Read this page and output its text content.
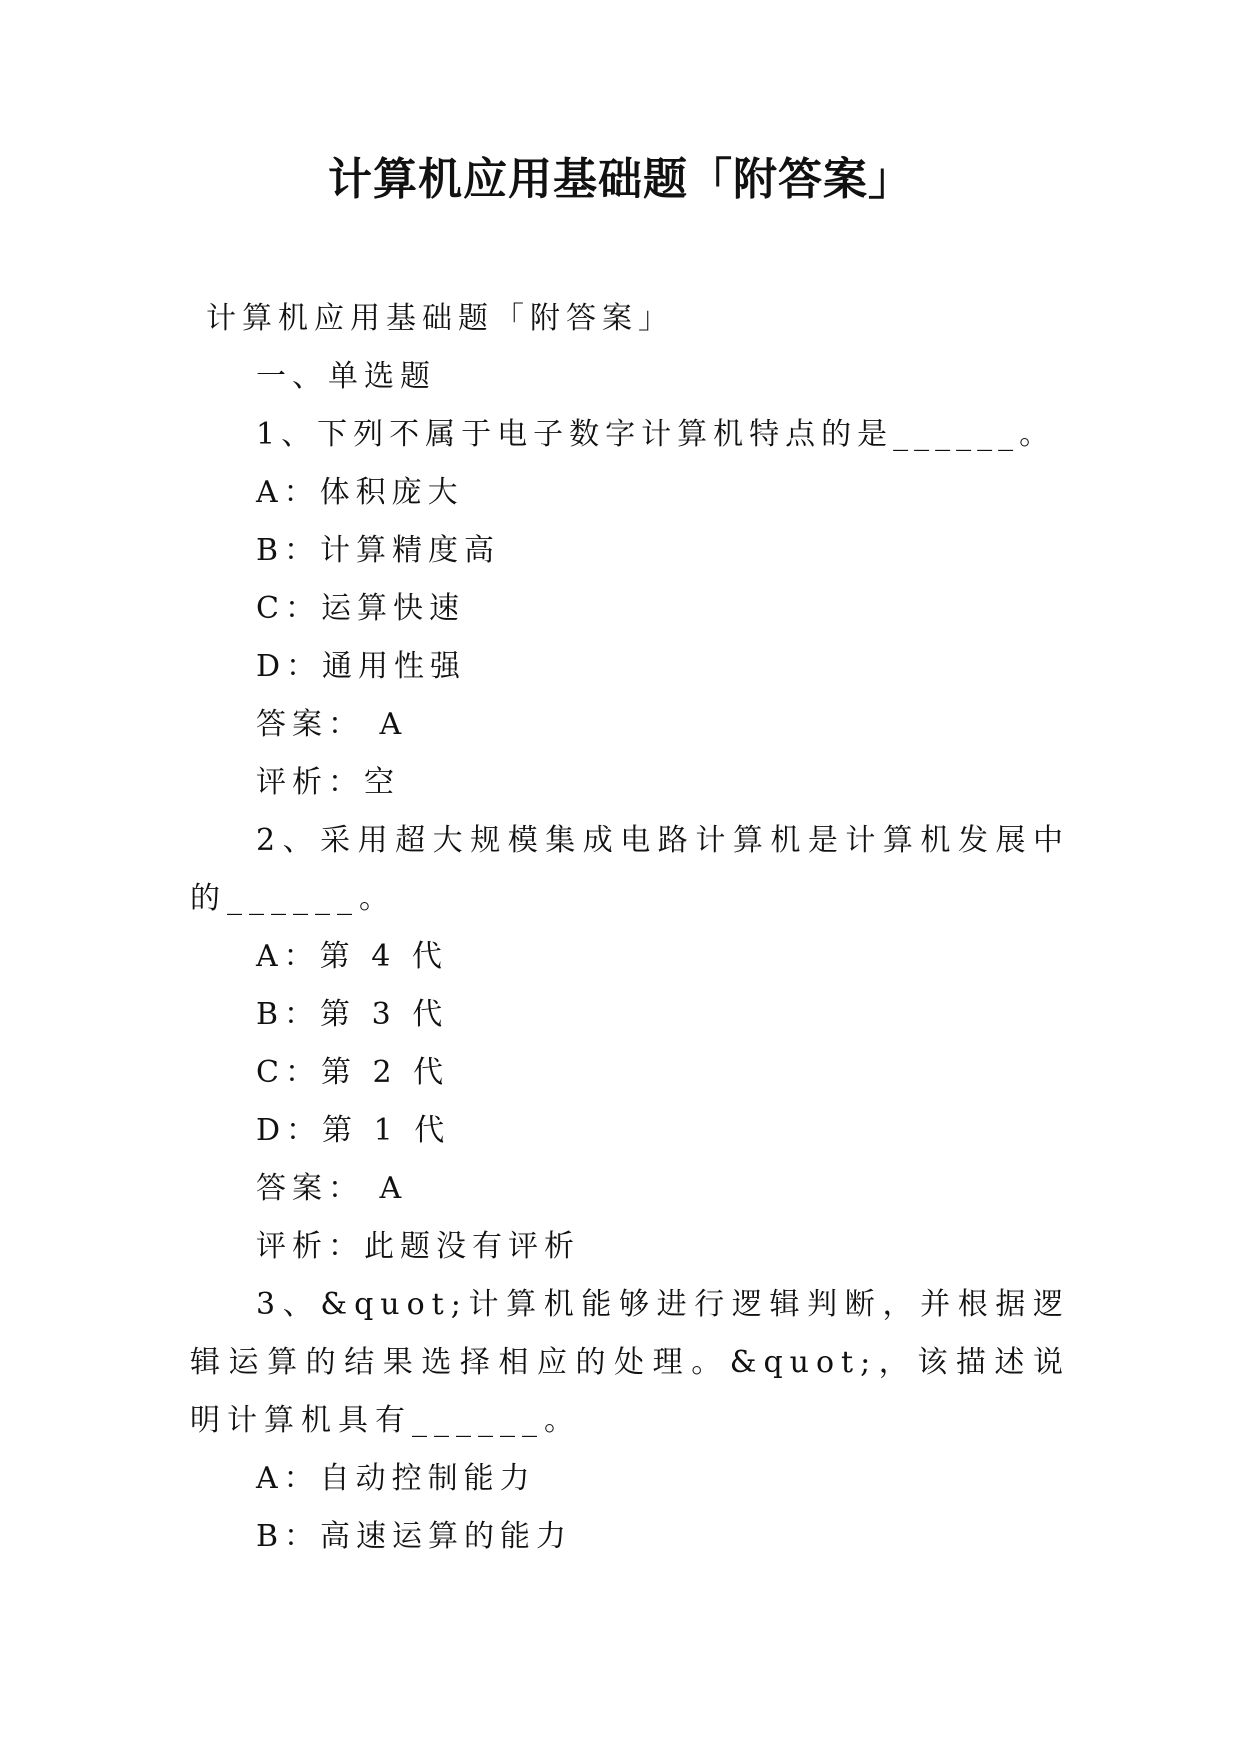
计算机应用基础题「附答案」

计算机应用基础题「附答案」

一、单选题

1、下列不属于电子数字计算机特点的是______。

A：体积庞大

B：计算精度高

C：运算快速

D：通用性强

答案： A

评析：空

2、采用超大规模集成电路计算机是计算机发展中的______。

A：第 4 代

B：第 3 代

C：第 2 代

D：第 1 代

答案： A

评析：此题没有评析

3、&quot;计算机能够进行逻辑判断，并根据逻辑运算的结果选择相应的处理。&quot;，该描述说明计算机具有______。

A：自动控制能力

B：高速运算的能力
